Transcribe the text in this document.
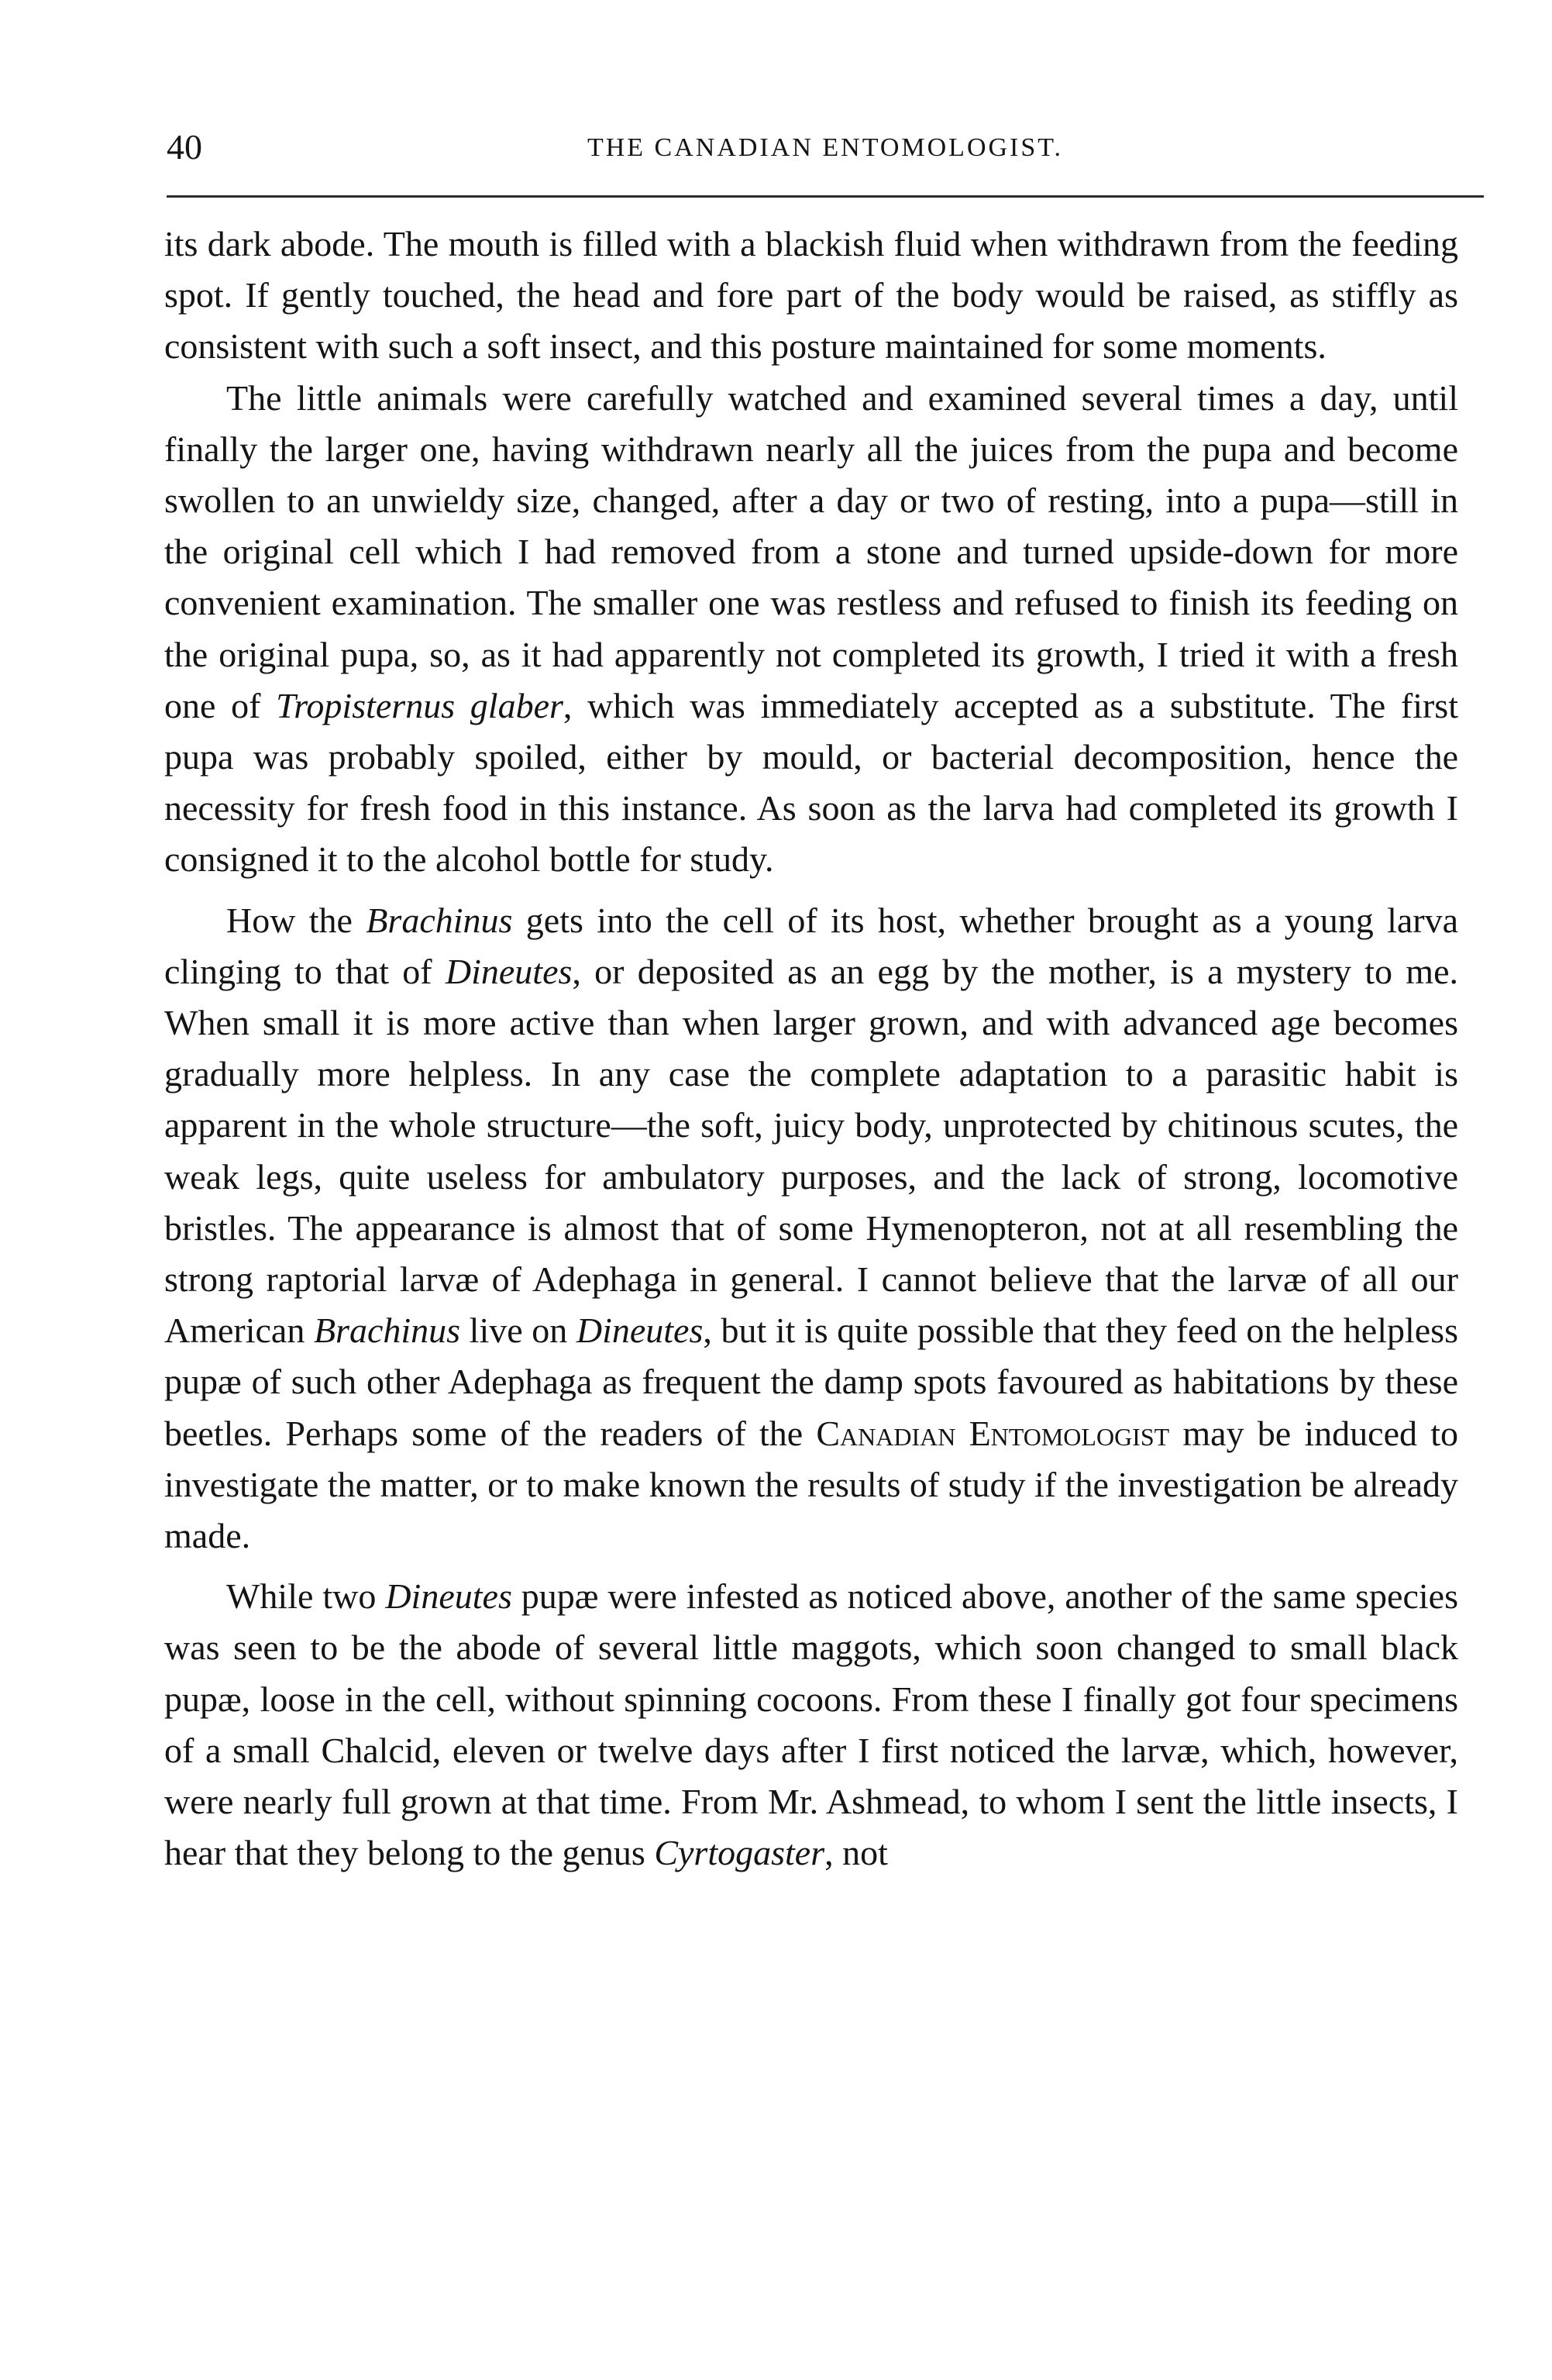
40	THE CANADIAN ENTOMOLOGIST.

its dark abode. The mouth is filled with a blackish fluid when withdrawn from the feeding spot. If gently touched, the head and fore part of the body would be raised, as stiffly as consistent with such a soft insect, and this posture maintained for some moments.

The little animals were carefully watched and examined several times a day, until finally the larger one, having withdrawn nearly all the juices from the pupa and become swollen to an unwieldy size, changed, after a day or two of resting, into a pupa—still in the original cell which I had removed from a stone and turned upside-down for more convenient examination. The smaller one was restless and refused to finish its feeding on the original pupa, so, as it had apparently not completed its growth, I tried it with a fresh one of Tropisternus glaber, which was immediately accepted as a substitute. The first pupa was probably spoiled, either by mould, or bacterial decomposition, hence the necessity for fresh food in this instance. As soon as the larva had completed its growth I consigned it to the alcohol bottle for study.

How the Brachinus gets into the cell of its host, whether brought as a young larva clinging to that of Dineutes, or deposited as an egg by the mother, is a mystery to me. When small it is more active than when larger grown, and with advanced age becomes gradually more helpless. In any case the complete adaptation to a parasitic habit is apparent in the whole structure—the soft, juicy body, unprotected by chitinous scutes, the weak legs, quite useless for ambulatory purposes, and the lack of strong, locomotive bristles. The appearance is almost that of some Hymenopteron, not at all resembling the strong raptorial larvæ of Adephaga in general. I cannot believe that the larvæ of all our American Brachinus live on Dineutes, but it is quite possible that they feed on the helpless pupæ of such other Adephaga as frequent the damp spots favoured as habitations by these beetles. Perhaps some of the readers of the Canadian Entomologist may be induced to investigate the matter, or to make known the results of study if the investigation be already made.

While two Dineutes pupæ were infested as noticed above, another of the same species was seen to be the abode of several little maggots, which soon changed to small black pupæ, loose in the cell, without spinning cocoons. From these I finally got four specimens of a small Chalcid, eleven or twelve days after I first noticed the larvæ, which, however, were nearly full grown at that time. From Mr. Ashmead, to whom I sent the little insects, I hear that they belong to the genus Cyrtogaster, not
